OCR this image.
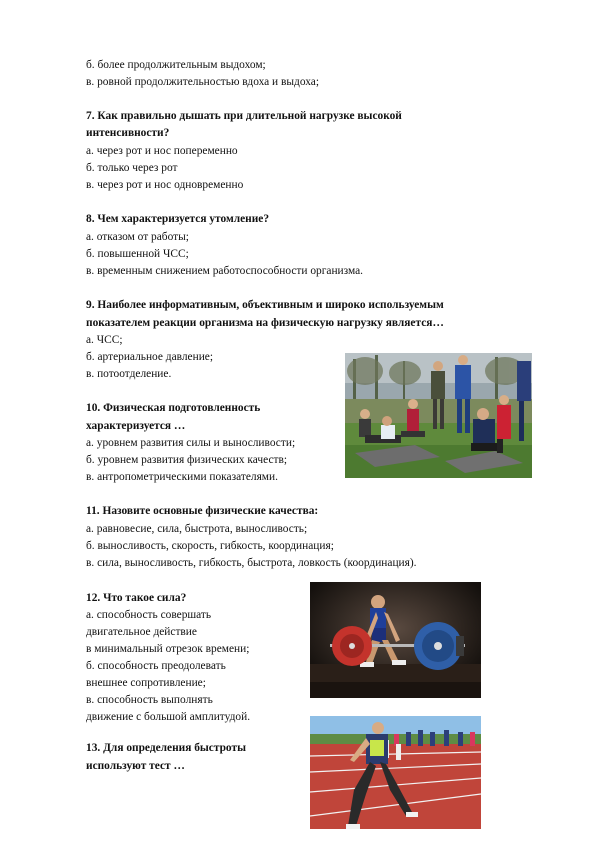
б. более продолжительным выдохом;
в. ровной продолжительностью вдоха и выдоха;
7. Как правильно дышать при длительной нагрузке высокой
интенсивности?
а. через рот и нос попеременно
б. только через рот
в. через рот и нос одновременно
8. Чем характеризуется утомление?
а. отказом от работы;
б. повышенной ЧСС;
в. временным снижением работоспособности организма.
9. Наиболее информативным, объективным и широко используемым
показателем реакции организма на физическую нагрузку является…
а. ЧСС;
б. артериальное давление;
в. потоотделение.
10. Физическая подготовленность
характеризуется …
а. уровнем развития силы и выносливости;
б. уровнем развития физических качеств;
в. антропометрическими показателями.
11. Назовите основные физические качества:
а. равновесие, сила, быстрота, выносливость;
б. выносливость, скорость, гибкость, координация;
в. сила, выносливость, гибкость, быстрота, ловкость (координация).
12. Что такое сила?
а. способность совершать
двигательное действие
в минимальный отрезок времени;
б. способность преодолевать
внешнее сопротивление;
в. способность выполнять
движение с большой амплитудой.
13. Для определения быстроты
используют тест …
